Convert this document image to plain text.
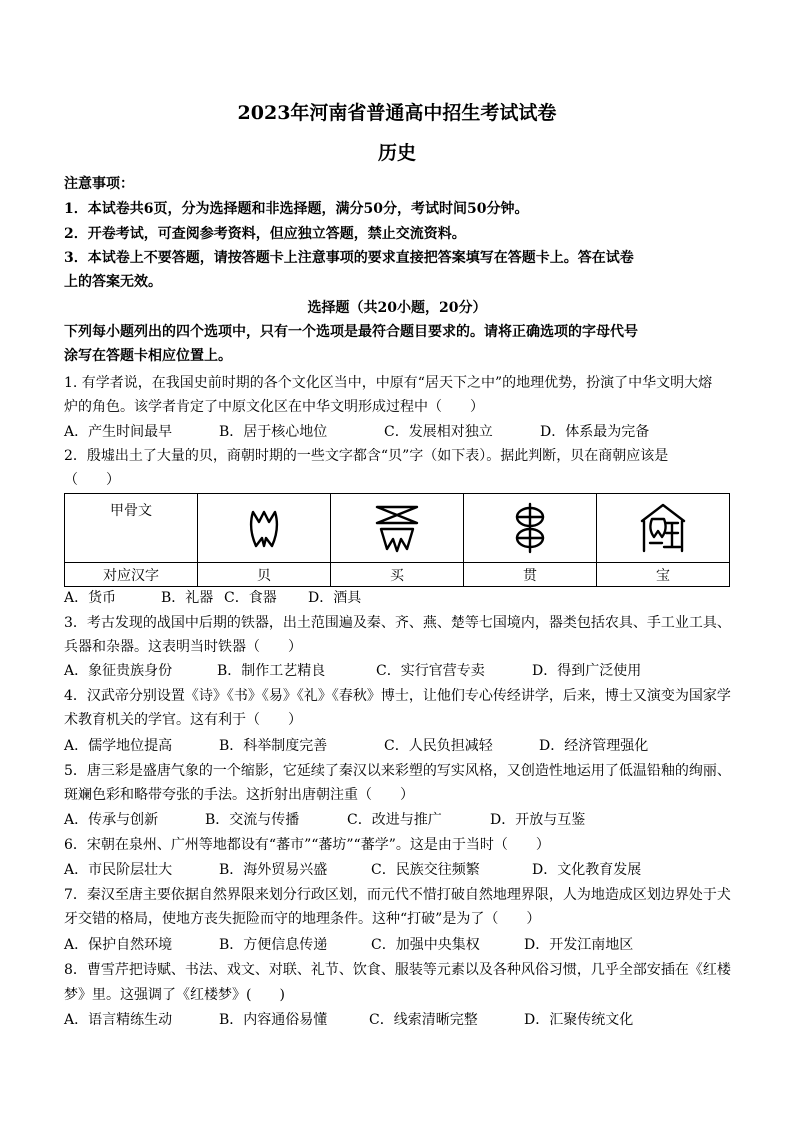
2023年河南省普通高中招生考试试卷
历史
注意事项：
1．本试卷共6页，分为选择题和非选择题，满分50分，考试时间50分钟。
2．开卷考试，可查阅参考资料，但应独立答题，禁止交流资料。
3．本试卷上不要答题，请按答题卡上注意事项的要求直接把答案填写在答题卡上。答在试卷
上的答案无效。
选择题（共20小题，20分）
下列每小题列出的四个选项中，只有一个选项是最符合题目要求的。请将正确选项的字母代号
涂写在答题卡相应位置上。
1. 有学者说，在我国史前时期的各个文化区当中，中原有“居天下之中”的地理优势，扮演了中华文明大熔
炉的角色。该学者肯定了中原文化区在中华文明形成过程中（　　）
A．产生时间最早	B．居于核心地位	C．发展相对独立	D．体系最为完备
2．殷墟出土了大量的贝，商朝时期的一些文字都含“贝”字（如下表）。据此判断，贝在商朝应该是
（　　）
甲骨文	

对应汉字	贝	买	贯	宝
A．货币	B．礼器 C．食器 D．酒具
3．考古发现的战国中后期的铁器，出土范围遍及秦、齐、燕、楚等七国境内，器类包括农具、手工业工具、
兵器和杂器。这表明当时铁器（　　）
A．象征贵族身份	B．制作工艺精良	C．实行官营专卖	D．得到广泛使用
4．汉武帝分别设置《诗》《书》《易》《礼》《春秋》博士，让他们专心传经讲学，后来，博士又演变为国家学
术教育机关的学官。这有利于（　　）
A．儒学地位提高	B．科举制度完善	C．人民负担减轻	D．经济管理强化
5．唐三彩是盛唐气象的一个缩影，它延续了秦汉以来彩塑的写实风格，又创造性地运用了低温铅釉的绚丽、
斑斓色彩和略带夸张的手法。这折射出唐朝注重（　　）
A．传承与创新	B．交流与传播	C．改进与推广	D．开放与互鉴
6．宋朝在泉州、广州等地都设有“蕃市”“蕃坊”“蕃学”。这是由于当时（　　）
A．市民阶层壮大	B．海外贸易兴盛	C．民族交往频繁	D．文化教育发展
7．秦汉至唐主要依据自然界限来划分行政区划，而元代不惜打破自然地理界限，人为地造成区划边界处于犬
牙交错的格局，使地方丧失扼险而守的地理条件。这种“打破”是为了（　　）
A．保护自然环境	B．方便信息传递	C．加强中央集权	D．开发江南地区
8．曹雪芹把诗赋、书法、戏文、对联、礼节、饮食、服装等元素以及各种风俗习惯，几乎全部安插在《红楼
梦》里。这强调了《红楼梦》(　　)
A．语言精练生动	B．内容通俗易懂	C．线索清晰完整	D．汇聚传统文化
